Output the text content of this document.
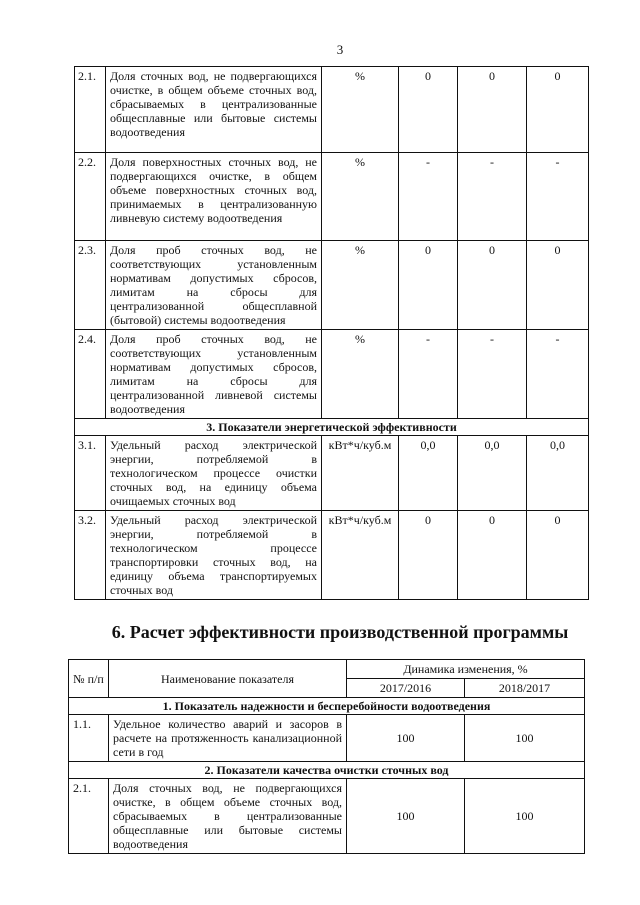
3
2.1.	Доля сточных вод, не подвергающихся очистке, в общем объеме сточных вод, сбрасываемых в централизованные общесплавные или бытовые системы водоотведения	%	0	0	0
2.2.	Доля поверхностных сточных вод, не подвергающихся очистке, в общем объеме поверхностных сточных вод, принимаемых в централизованную ливневую систему водоотведения	%	-	-	-
2.3.	Доля проб сточных вод, не соответствующих установленным нормативам допустимых сбросов, лимитам на сбросы для централизованной общесплавной (бытовой) системы водоотведения	%	0	0	0
2.4.	Доля проб сточных вод, не соответствующих установленным нормативам допустимых сбросов, лимитам на сбросы для централизованной ливневой системы водоотведения	%	-	-	-
3. Показатели энергетической эффективности					
3.1.	Удельный расход электрической энергии, потребляемой в технологическом процессе очистки сточных вод, на единицу объема очищаемых сточных вод	кВт*ч/куб.м	0,0	0,0	0,0
3.2.	Удельный расход электрической энергии, потребляемой в технологическом процессе транспортировки сточных вод, на единицу объема транспортируемых сточных вод	кВт*ч/куб.м	0	0	0
6. Расчет эффективности производственной программы
№ п/п	Наименование показателя	Динамика изменения, %	
		2017/2016	2018/2017
1. Показатель надежности и бесперебойности водоотведения			
1.1.	Удельное количество аварий и засоров в расчете на протяженность канализационной сети в год	100	100
2. Показатели качества очистки сточных вод			
2.1.	Доля сточных вод, не подвергающихся очистке, в общем объеме сточных вод, сбрасываемых в централизованные общесплавные или бытовые системы водоотведения	100	100
